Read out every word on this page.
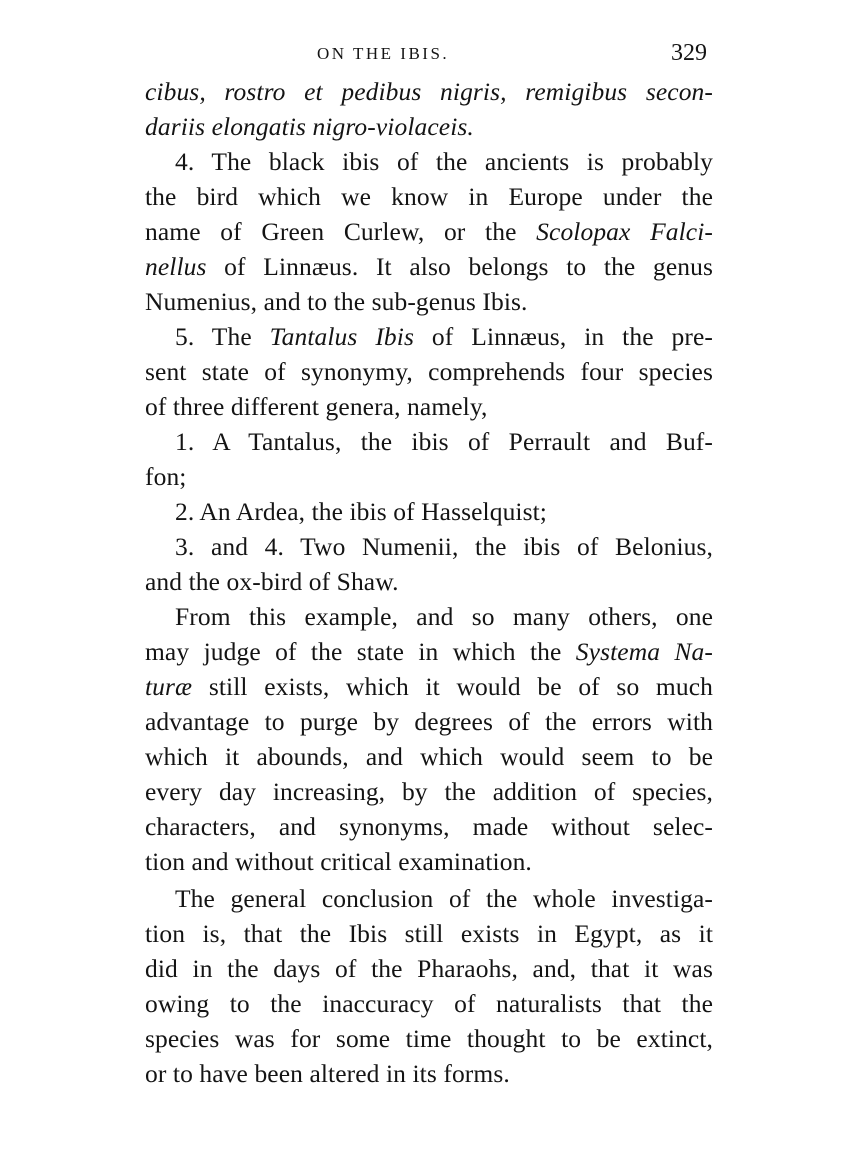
ON THE IBIS.	329
cibus, rostro et pedibus nigris, remigibus secon-
dariis elongatis nigro-violaceis.
4. The black ibis of the ancients is probably
the bird which we know in Europe under the
name of Green Curlew, or the Scolopax Falci-
nellus of Linnæus. It also belongs to the genus
Numenius, and to the sub-genus Ibis.
5. The Tantalus Ibis of Linnæus, in the pre-
sent state of synonymy, comprehends four species
of three different genera, namely,
1. A Tantalus, the ibis of Perrault and Buf-
fon;
2. An Ardea, the ibis of Hasselquist;
3. and 4. Two Numenii, the ibis of Belonius,
and the ox-bird of Shaw.
From this example, and so many others, one
may judge of the state in which the Systema Na-
turæ still exists, which it would be of so much
advantage to purge by degrees of the errors with
which it abounds, and which would seem to be
every day increasing, by the addition of species,
characters, and synonyms, made without selec-
tion and without critical examination.
The general conclusion of the whole investiga-
tion is, that the Ibis still exists in Egypt, as it
did in the days of the Pharaohs, and, that it was
owing to the inaccuracy of naturalists that the
species was for some time thought to be extinct,
or to have been altered in its forms.
